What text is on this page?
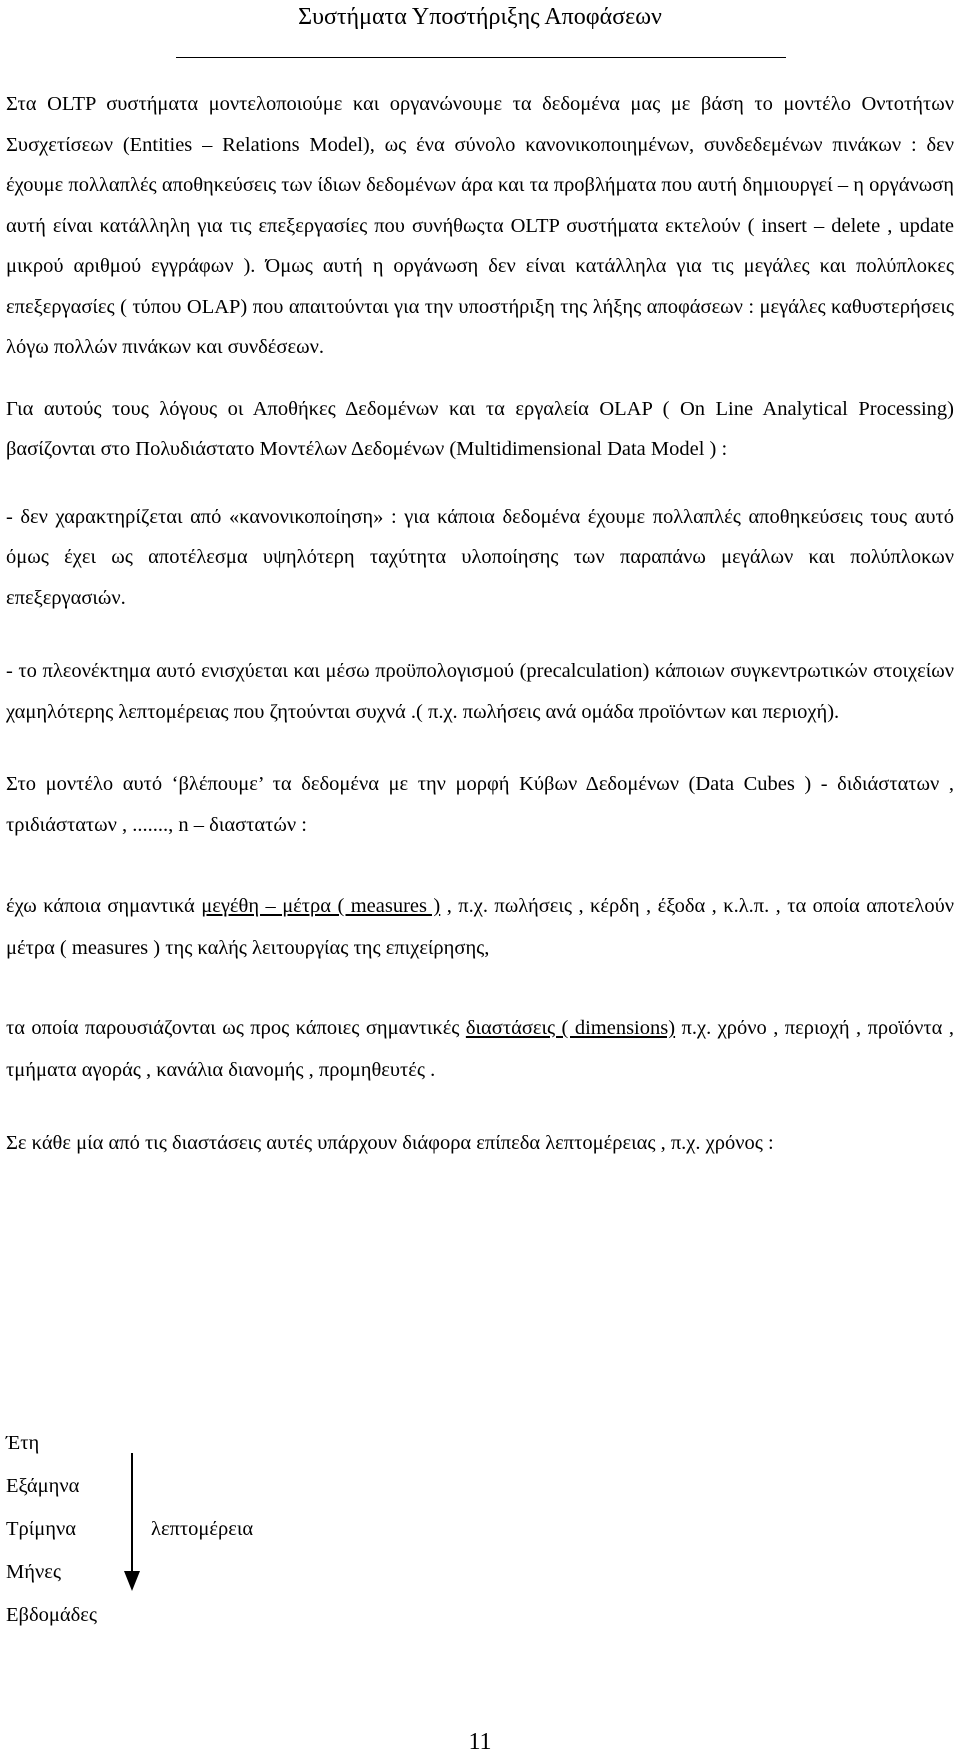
Συστήματα Υποστήριξης Αποφάσεων

Στα OLTP συστήματα μοντελοποιούμε και οργανώνουμε τα δεδομένα μας με βάση το μοντέλο Οντοτήτων Συσχετίσεων (Entities – Relations Model), ως ένα σύνολο κανονικοποιημένων, συνδεδεμένων πινάκων : δεν έχουμε πολλαπλές αποθηκεύσεις των ίδιων δεδομένων άρα και τα προβλήματα που αυτή δημιουργεί – η οργάνωση αυτή είναι κατάλληλη για τις επεξεργασίες που συνήθωςτα OLTP συστήματα εκτελούν ( insert – delete , update μικρού αριθμού εγγράφων ). Όμως αυτή η οργάνωση δεν είναι κατάλληλα για τις μεγάλες και πολύπλοκες επεξεργασίες ( τύπου OLAP) που απαιτούνται για την υποστήριξη της λήξης αποφάσεων : μεγάλες καθυστερήσεις λόγω πολλών πινάκων και συνδέσεων.

Για αυτούς τους λόγους οι Αποθήκες Δεδομένων και τα εργαλεία OLAP ( On Line Analytical Processing) βασίζονται στο Πολυδιάστατο Μοντέλων Δεδομένων (Multidimensional Data Model ) :

- δεν χαρακτηρίζεται από «κανονικοποίηση» : για κάποια δεδομένα έχουμε πολλαπλές αποθηκεύσεις τους αυτό όμως έχει ως αποτέλεσμα υψηλότερη ταχύτητα υλοποίησης των παραπάνω μεγάλων και πολύπλοκων επεξεργασιών.

- το πλεονέκτημα αυτό ενισχύεται και μέσω προϋπολογισμού (precalculation) κάποιων συγκεντρωτικών στοιχείων χαμηλότερης λεπτομέρειας που ζητούνται συχνά .( π.χ. πωλήσεις ανά ομάδα προϊόντων και περιοχή).

Στο μοντέλο αυτό ‘βλέπουμε’ τα δεδομένα με την μορφή Κύβων Δεδομένων (Data Cubes ) - διδιάστατων , τριδιάστατων , ......., n – διαστατών :

έχω κάποια σημαντικά μεγέθη – μέτρα ( measures ) , π.χ. πωλήσεις , κέρδη , έξοδα , κ.λ.π. , τα οποία αποτελούν μέτρα ( measures ) της καλής λειτουργίας της επιχείρησης,

τα οποία παρουσιάζονται ως προς κάποιες σημαντικές διαστάσεις ( dimensions) π.χ. χρόνο , περιοχή , προϊόντα , τμήματα αγοράς , κανάλια διανομής , προμηθευτές .

Σε κάθε μία από τις διαστάσεις αυτές υπάρχουν διάφορα επίπεδα λεπτομέρειας , π.χ. χρόνος :

Έτη
Εξάμηνα
Τρίμηνα
Μήνες
Εβδομάδες
λεπτομέρεια
11
